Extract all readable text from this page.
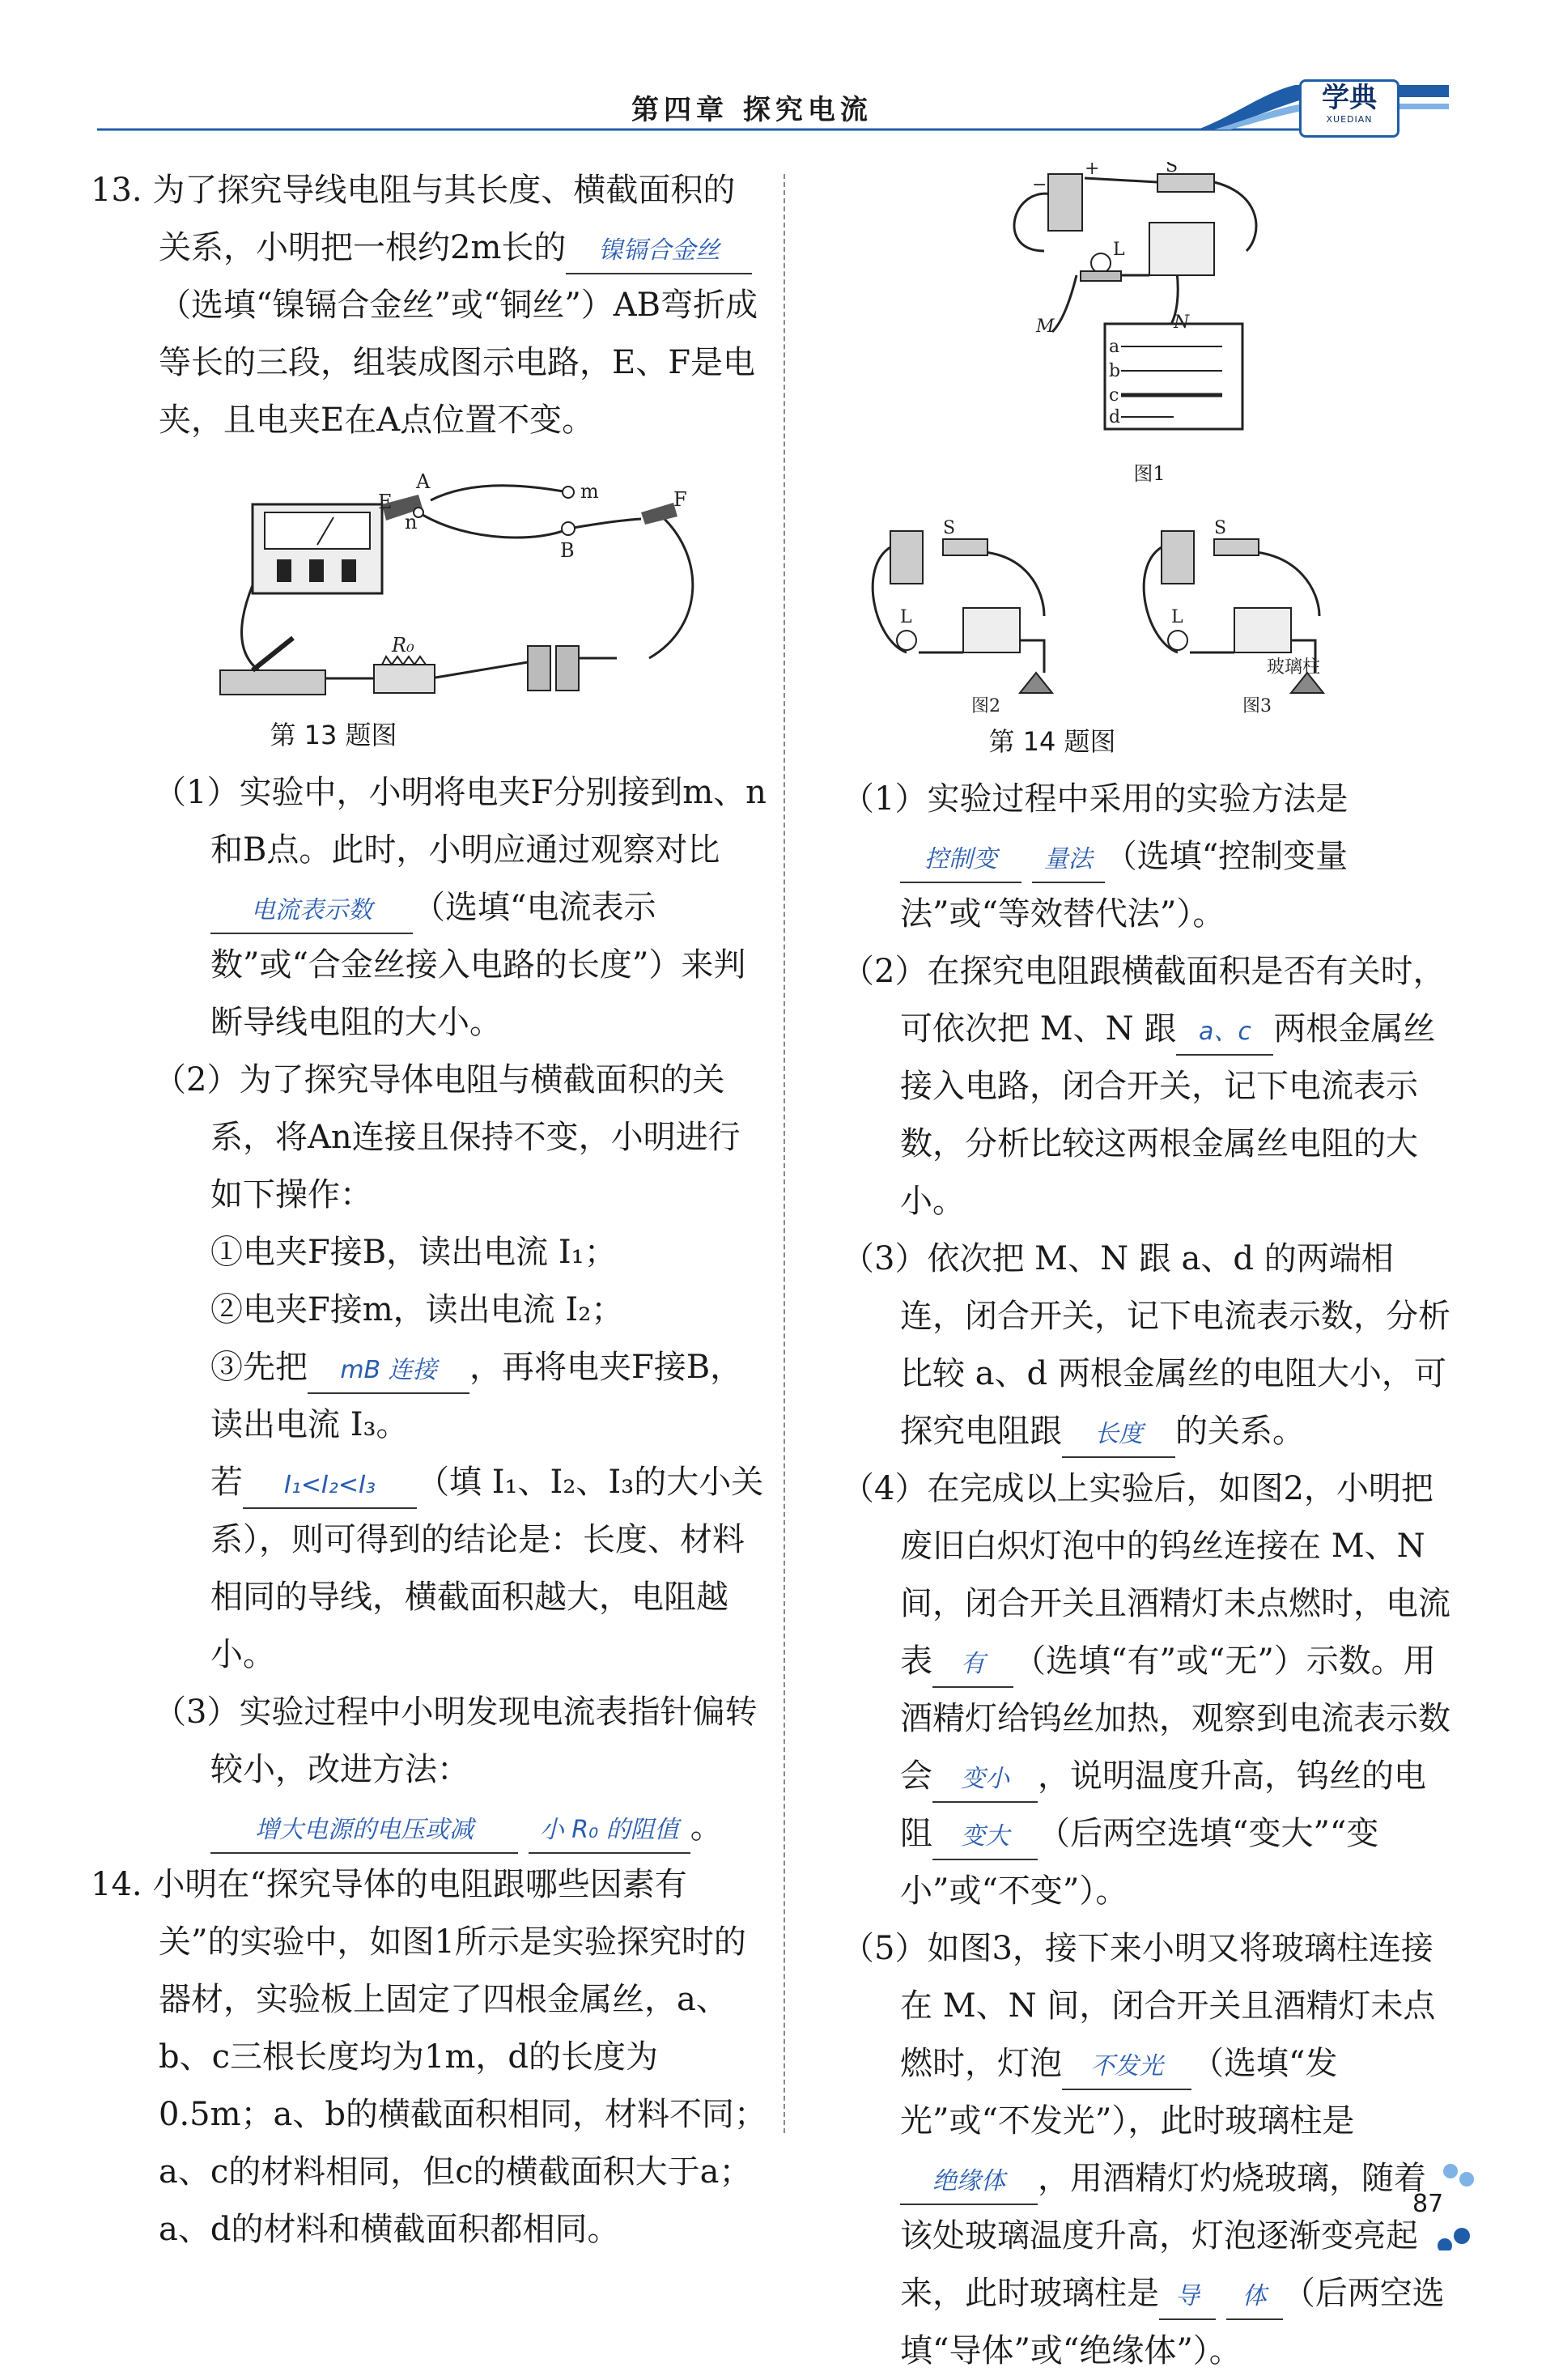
第四章 探究电流	学典
XUEDIAN

13. 为了探究导线电阻与其长度、横截面积的关系，小明把一根约2m长的 镍镉合金丝（选填“镍镉合金丝”或“铜丝”）AB弯折成等长的三段，组装成图示电路，E、F是电夹，且电夹E在A点位置不变。

A
E	m
n
B
F
R₀
第 13 题图

（1）实验中，小明将电夹F分别接到m、n和B点。此时，小明应通过观察对比电流表示数 （选填“电流表示数”或“合金丝接入电路的长度”）来判断导线电阻的大小。

（2）为了探究导体电阻与横截面积的关系，将An连接且保持不变，小明进行如下操作：

①电夹F接B，读出电流 I₁；

②电夹F接m，读出电流 I₂；

③先把 mB 连接 ，再将电夹F接B，读出电流 I₃。

若 I₁<I₂<I₃ （填 I₁、I₂、I₃的大小关系），则可得到的结论是：长度、材料相同的导线，横截面积越大，电阻越小。

（3）实验过程中小明发现电流表指针偏转较小，改进方法：增大电源的电压或减	小 R₀ 的阻值 。

14. 小明在“探究导体的电阻跟哪些因素有关”的实验中，如图1所示是实验探究时的器材，实验板上固定了四根金属丝，a、b、c三根长度均为1m，d的长度为0.5m；a、b的横截面积相同，材料不同；a、c的材料相同，但c的横截面积大于a；a、d的材料和横截面积都相同。

−
+	S
L
M	N
a
b
c
d
图1
S
L
S
L
玻璃柱
图2	图3
第 14 题图

（1）实验过程中采用的实验方法是控制变 量法 （选填“控制变量法”或“等效替代法”）。

（2）在探究电阻跟横截面积是否有关时，可依次把 M、N 跟 a、c 两根金属丝接入电路，闭合开关，记下电流表示数，分析比较这两根金属丝电阻的大小。

（3）依次把 M、N 跟 a、d 的两端相连，闭合开关，记下电流表示数，分析比较 a、d 两根金属丝的电阻大小，可探究电阻跟 长度 的关系。

（4）在完成以上实验后，如图2，小明把废旧白炽灯泡中的钨丝连接在 M、N 间，闭合开关且酒精灯未点燃时，电流表 有 （选填“有”或“无”）示数。用酒精灯给钨丝加热，观察到电流表示数会 变小 ，说明温度升高，钨丝的电阻 变大 （后两空选填“变大”“变小”或“不变”）。

（5）如图3，接下来小明又将玻璃柱连接在 M、N 间，闭合开关且酒精灯未点燃时，灯泡 不发光 （选填“发光”或“不发光”），此时玻璃柱是绝缘体 ，用酒精灯灼烧玻璃，随着该处玻璃温度升高，灯泡逐渐变亮起来，此时玻璃柱是 导 体 （后两空选填“导体”或“绝缘体”）。

87
